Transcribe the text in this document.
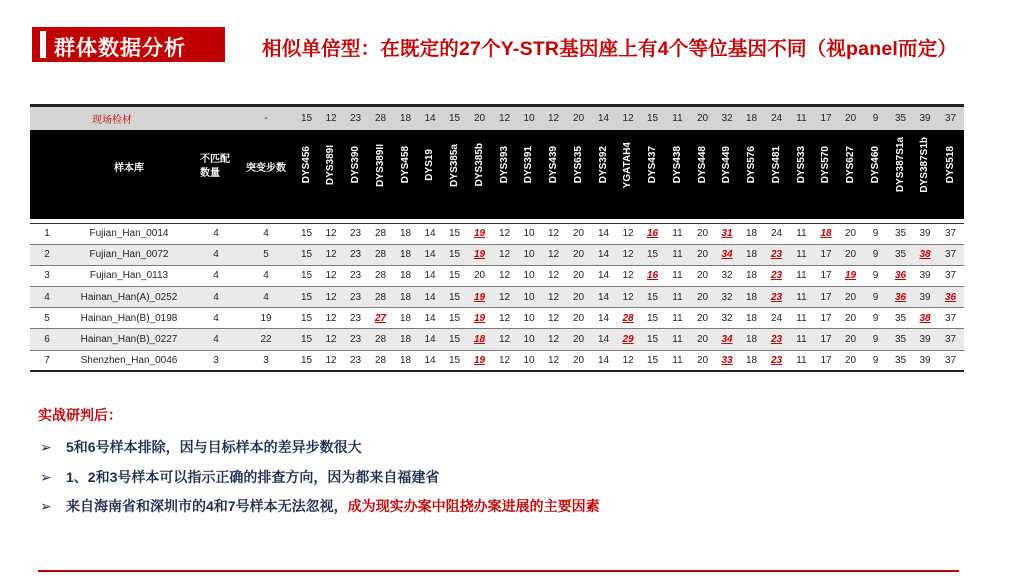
群体数据分析	相似单倍型：在既定的27个Y-STR基因座上有4个等位基因不同（视panel而定）

现场检材			-	15	12	23	28	18	14	15	20	12	10	12	20	14	12	15	11	20	32	18	24	11	17	20	9	35	39	37
	样本库	不匹配数量	突变步数	DYS456	DYS389I	DYS390	DYS389II	DYS458	DYS19	DYS385a	DYS385b	DYS393	DYS391	DYS439	DYS635	DYS392	YGATAH4	DYS437	DYS438	DYS448	DYS449	DYS576	DYS481	DYS533	DYS570	DYS627	DYS460	DYS387S1a	DYS387S1b	DYS518

1	Fujian_Han_0014	4	4	15	12	23	28	18	14	15	19	12	10	12	20	14	12	16	11	20	31	18	24	11	18	20	9	35	39	37
2	Fujian_Han_0072	4	5	15	12	23	28	18	14	15	19	12	10	12	20	14	12	15	11	20	34	18	23	11	17	20	9	35	38	37
3	Fujian_Han_0113	4	4	15	12	23	28	18	14	15	20	12	10	12	20	14	12	16	11	20	32	18	23	11	17	19	9	36	39	37
4	Hainan_Han(A)_0252	4	4	15	12	23	28	18	14	15	19	12	10	12	20	14	12	15	11	20	32	18	23	11	17	20	9	36	39	36
5	Hainan_Han(B)_0198	4	19	15	12	23	27	18	14	15	19	12	10	12	20	14	28	15	11	20	32	18	24	11	17	20	9	35	38	37
6	Hainan_Han(B)_0227	4	22	15	12	23	28	18	14	15	18	12	10	12	20	14	29	15	11	20	34	18	23	11	17	20	9	35	39	37
7	Shenzhen_Han_0046	3	3	15	12	23	28	18	14	15	19	12	10	12	20	14	12	15	11	20	33	18	23	11	17	20	9	35	39	37
实战研判后：
➢ 5和6号样本排除，因与目标样本的差异步数很大
➢ 1、2和3号样本可以指示正确的排查方向，因为都来自福建省
➢ 来自海南省和深圳市的4和7号样本无法忽视，成为现实办案中阻挠办案进展的主要因素
